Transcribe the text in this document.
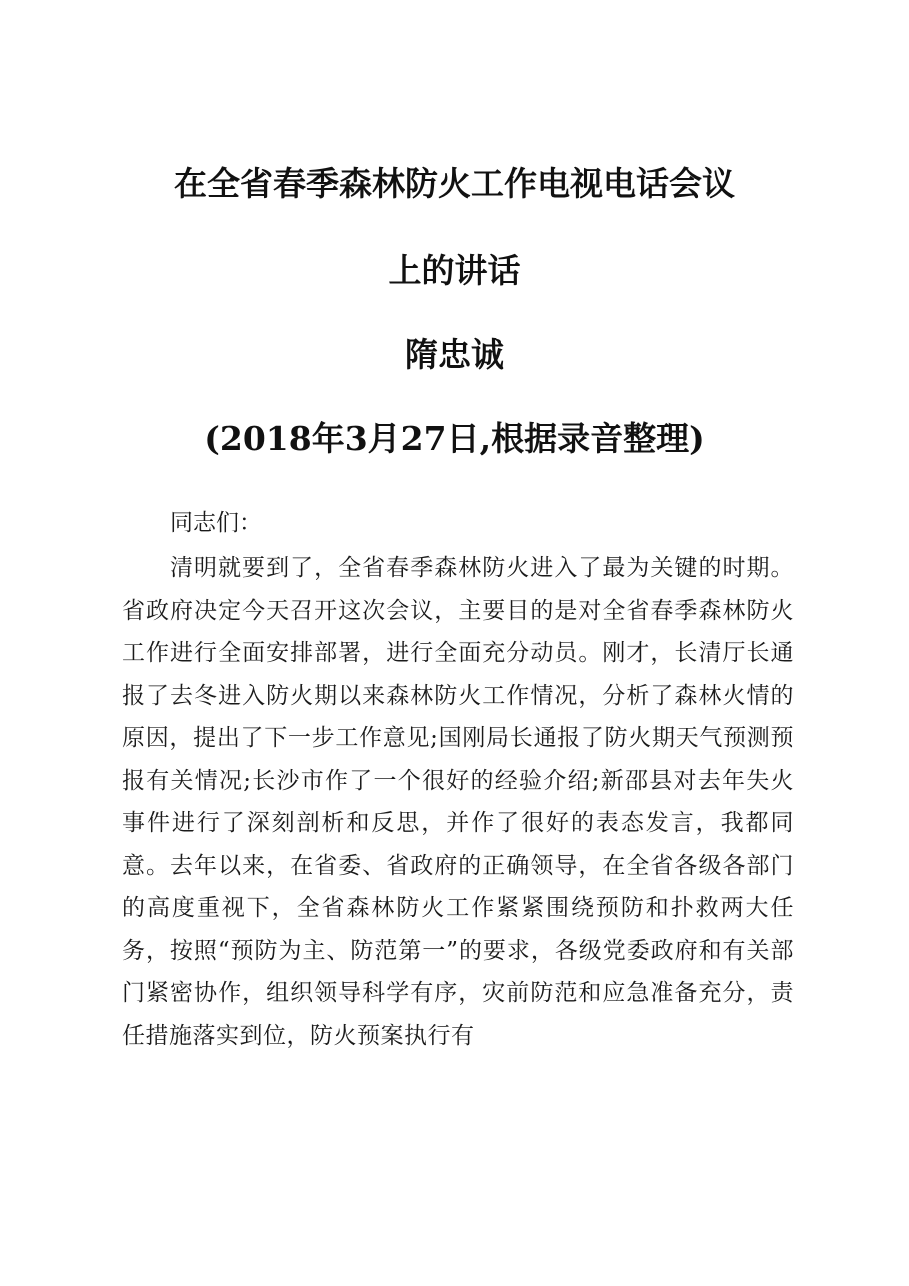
在全省春季森林防火工作电视电话会议
上的讲话
隋忠诚
(2018年3月27日,根据录音整理)
同志们：
清明就要到了，全省春季森林防火进入了最为关键的时期。省政府决定今天召开这次会议，主要目的是对全省春季森林防火工作进行全面安排部署，进行全面充分动员。刚才，长清厅长通报了去冬进入防火期以来森林防火工作情况，分析了森林火情的原因，提出了下一步工作意见;国刚局长通报了防火期天气预测预报有关情况;长沙市作了一个很好的经验介绍;新邵县对去年失火事件进行了深刻剖析和反思，并作了很好的表态发言，我都同意。去年以来，在省委、省政府的正确领导，在全省各级各部门的高度重视下，全省森林防火工作紧紧围绕预防和扑救两大任务，按照“预防为主、防范第一”的要求，各级党委政府和有关部门紧密协作，组织领导科学有序，灾前防范和应急准备充分，责任措施落实到位，防火预案执行有
